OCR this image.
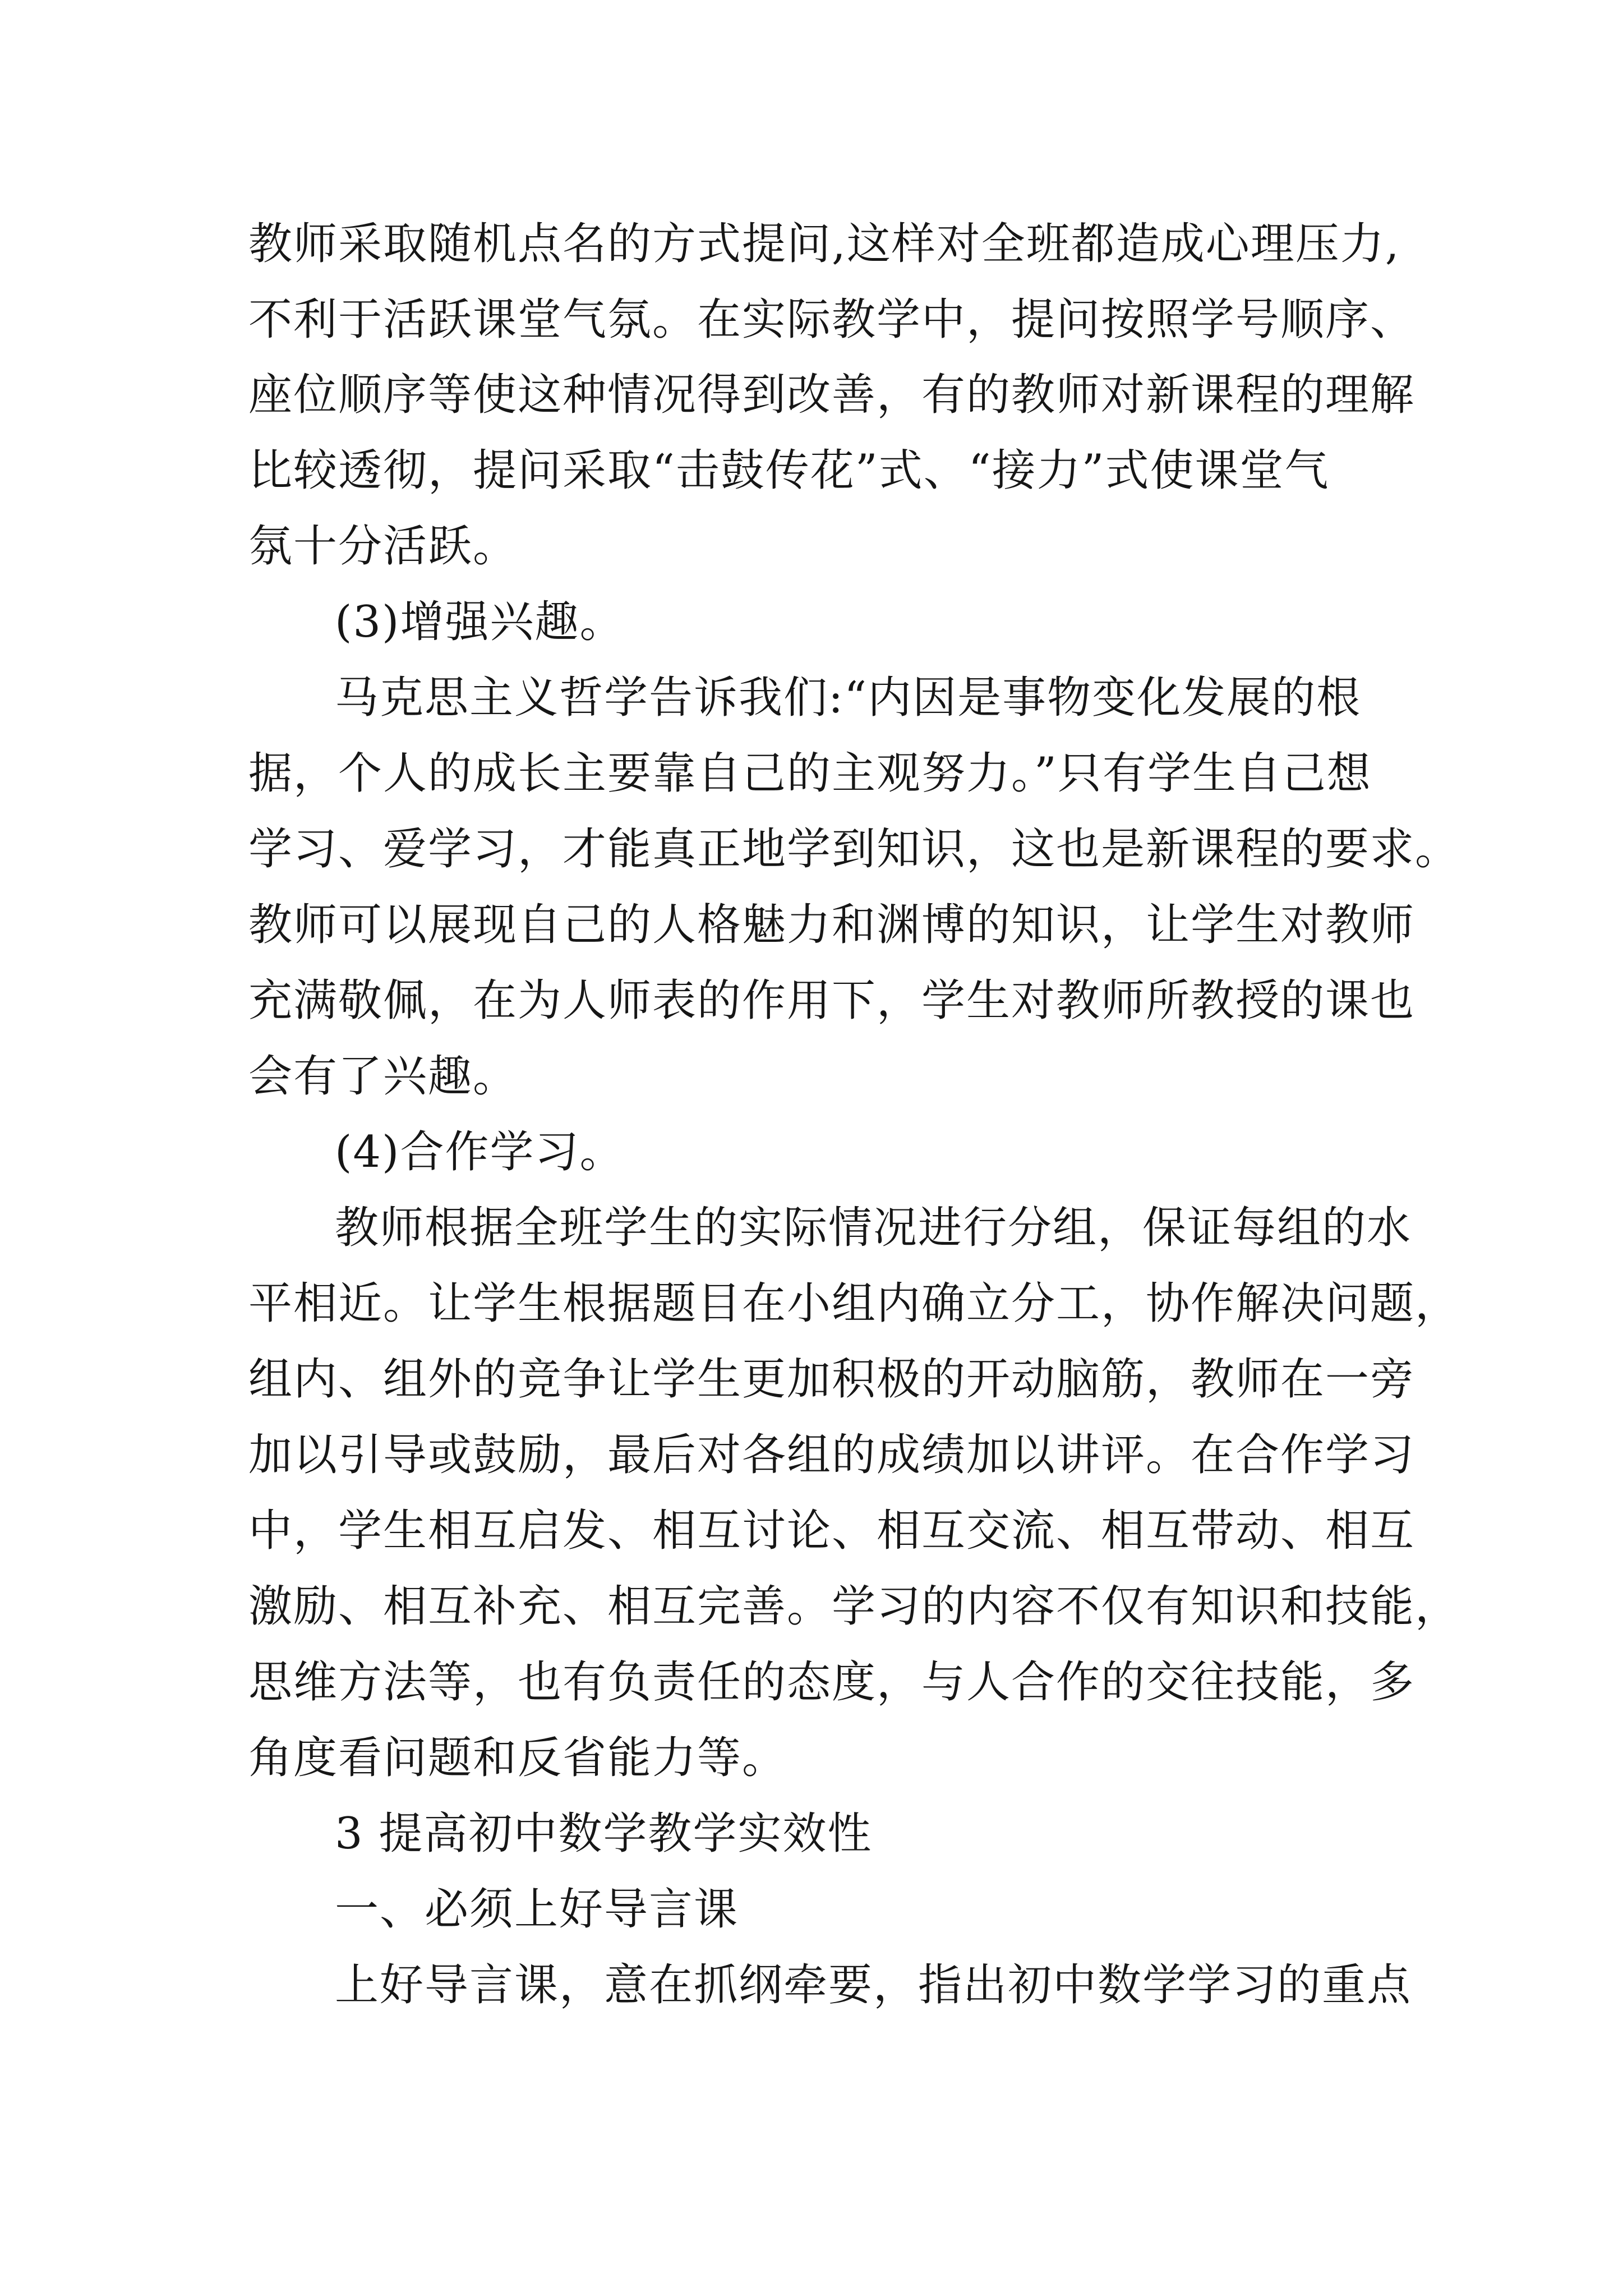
教师采取随机点名的方式提问,这样对全班都造成心理压力,

不利于活跃课堂气氛。在实际教学中，提问按照学号顺序、

座位顺序等使这种情况得到改善，有的教师对新课程的理解

比较透彻，提问采取“击鼓传花”式、“接力”式使课堂气

氛十分活跃。

(3)增强兴趣。

马克思主义哲学告诉我们:“内因是事物变化发展的根

据，个人的成长主要靠自己的主观努力。”只有学生自己想

学习、爱学习，才能真正地学到知识，这也是新课程的要求。

教师可以展现自己的人格魅力和渊博的知识，让学生对教师

充满敬佩，在为人师表的作用下，学生对教师所教授的课也

会有了兴趣。

(4)合作学习。

教师根据全班学生的实际情况进行分组，保证每组的水

平相近。让学生根据题目在小组内确立分工，协作解决问题，

组内、组外的竞争让学生更加积极的开动脑筋，教师在一旁

加以引导或鼓励，最后对各组的成绩加以讲评。在合作学习

中，学生相互启发、相互讨论、相互交流、相互带动、相互

激励、相互补充、相互完善。学习的内容不仅有知识和技能，

思维方法等，也有负责任的态度，与人合作的交往技能，多

角度看问题和反省能力等。

3 提高初中数学教学实效性

一、必须上好导言课

上好导言课，意在抓纲牵要，指出初中数学学习的重点
